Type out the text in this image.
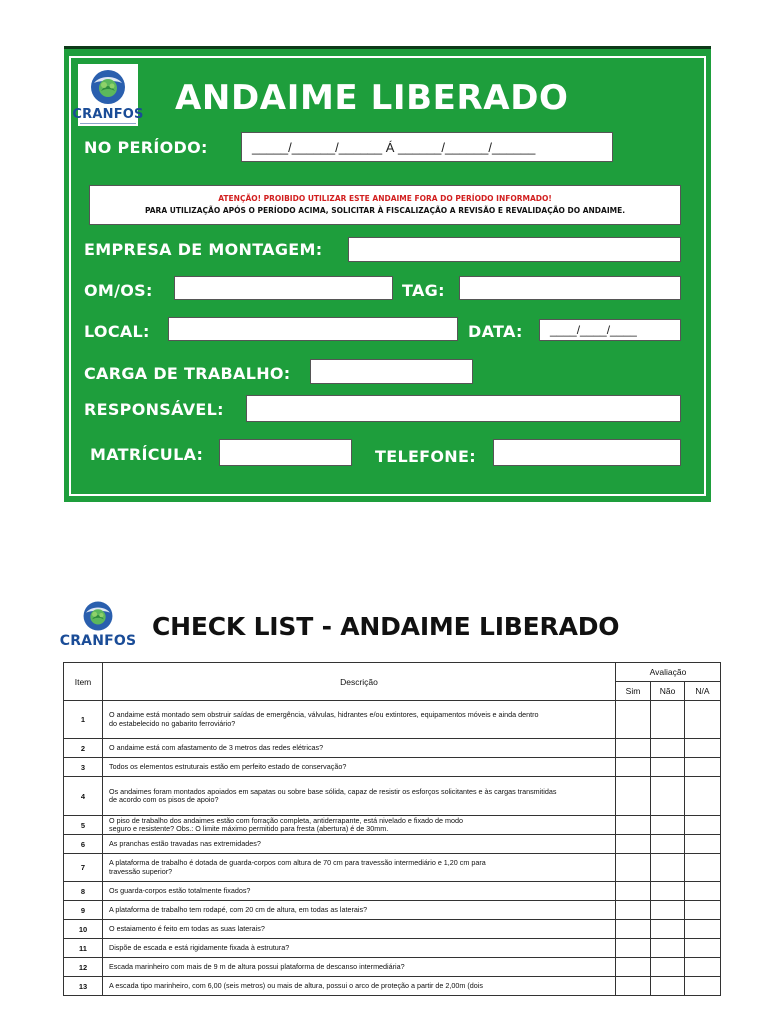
CRANFOS ANDAIME LIBERADO
NO PERÍODO:	_____/______/______ Á ______/______/______
ATENÇÃO! PROIBIDO UTILIZAR ESTE ANDAIME FORA DO PERÍODO INFORMADO!
PARA UTILIZAÇÃO APÓS O PERÍODO ACIMA, SOLICITAR À FISCALIZAÇÃO A REVISÃO E REVALIDAÇÃO DO ANDAIME.
EMPRESA DE MONTAGEM:
OM/OS:	TAG:
LOCAL:	DATA:	____/____/____
CARGA DE TRABALHO:
RESPONSÁVEL:
MATRÍCULA:	TELEFONE:
CRANFOS CHECK LIST - ANDAIME LIBERADO
Item	Descrição	Avaliação		
		Sim	Não	N/A
1	O andaime está montado sem obstruir saídas de emergência, válvulas, hidrantes e/ou extintores, equipamentos móveis e ainda dentro
do estabelecido no gabarito ferroviário?			

2	O andaime está com afastamento de 3 metros das redes elétricas?			

3	Todos os elementos estruturais estão em perfeito estado de conservação?			

4	Os andaimes foram montados apoiados em sapatas ou sobre base sólida, capaz de resistir os esforços solicitantes e às cargas transmitidas
de acordo com os pisos de apoio?			

5	O piso de trabalho dos andaimes estão com forração completa, antiderrapante, está nivelado e fixado de modo
seguro e resistente? Obs.: O limite máximo permitido para fresta (abertura) é de 30mm.			

6	As pranchas estão travadas nas extremidades?			

7	A plataforma de trabalho é dotada de guarda-corpos com altura de 70 cm para travessão intermediário e 1,20 cm para
travessão superior?			

8	Os guarda-corpos estão totalmente fixados?			

9	A plataforma de trabalho tem rodapé, com 20 cm de altura, em todas as laterais?			

10	O estaiamento é feito em todas as suas laterais?			

11	Dispõe de escada e está rigidamente fixada à estrutura?			

12	Escada marinheiro com mais de 9 m de altura possui plataforma de descanso intermediária?			

13	A escada tipo marinheiro, com 6,00 (seis metros) ou mais de altura, possui o arco de proteção a partir de 2,00m (dois			
